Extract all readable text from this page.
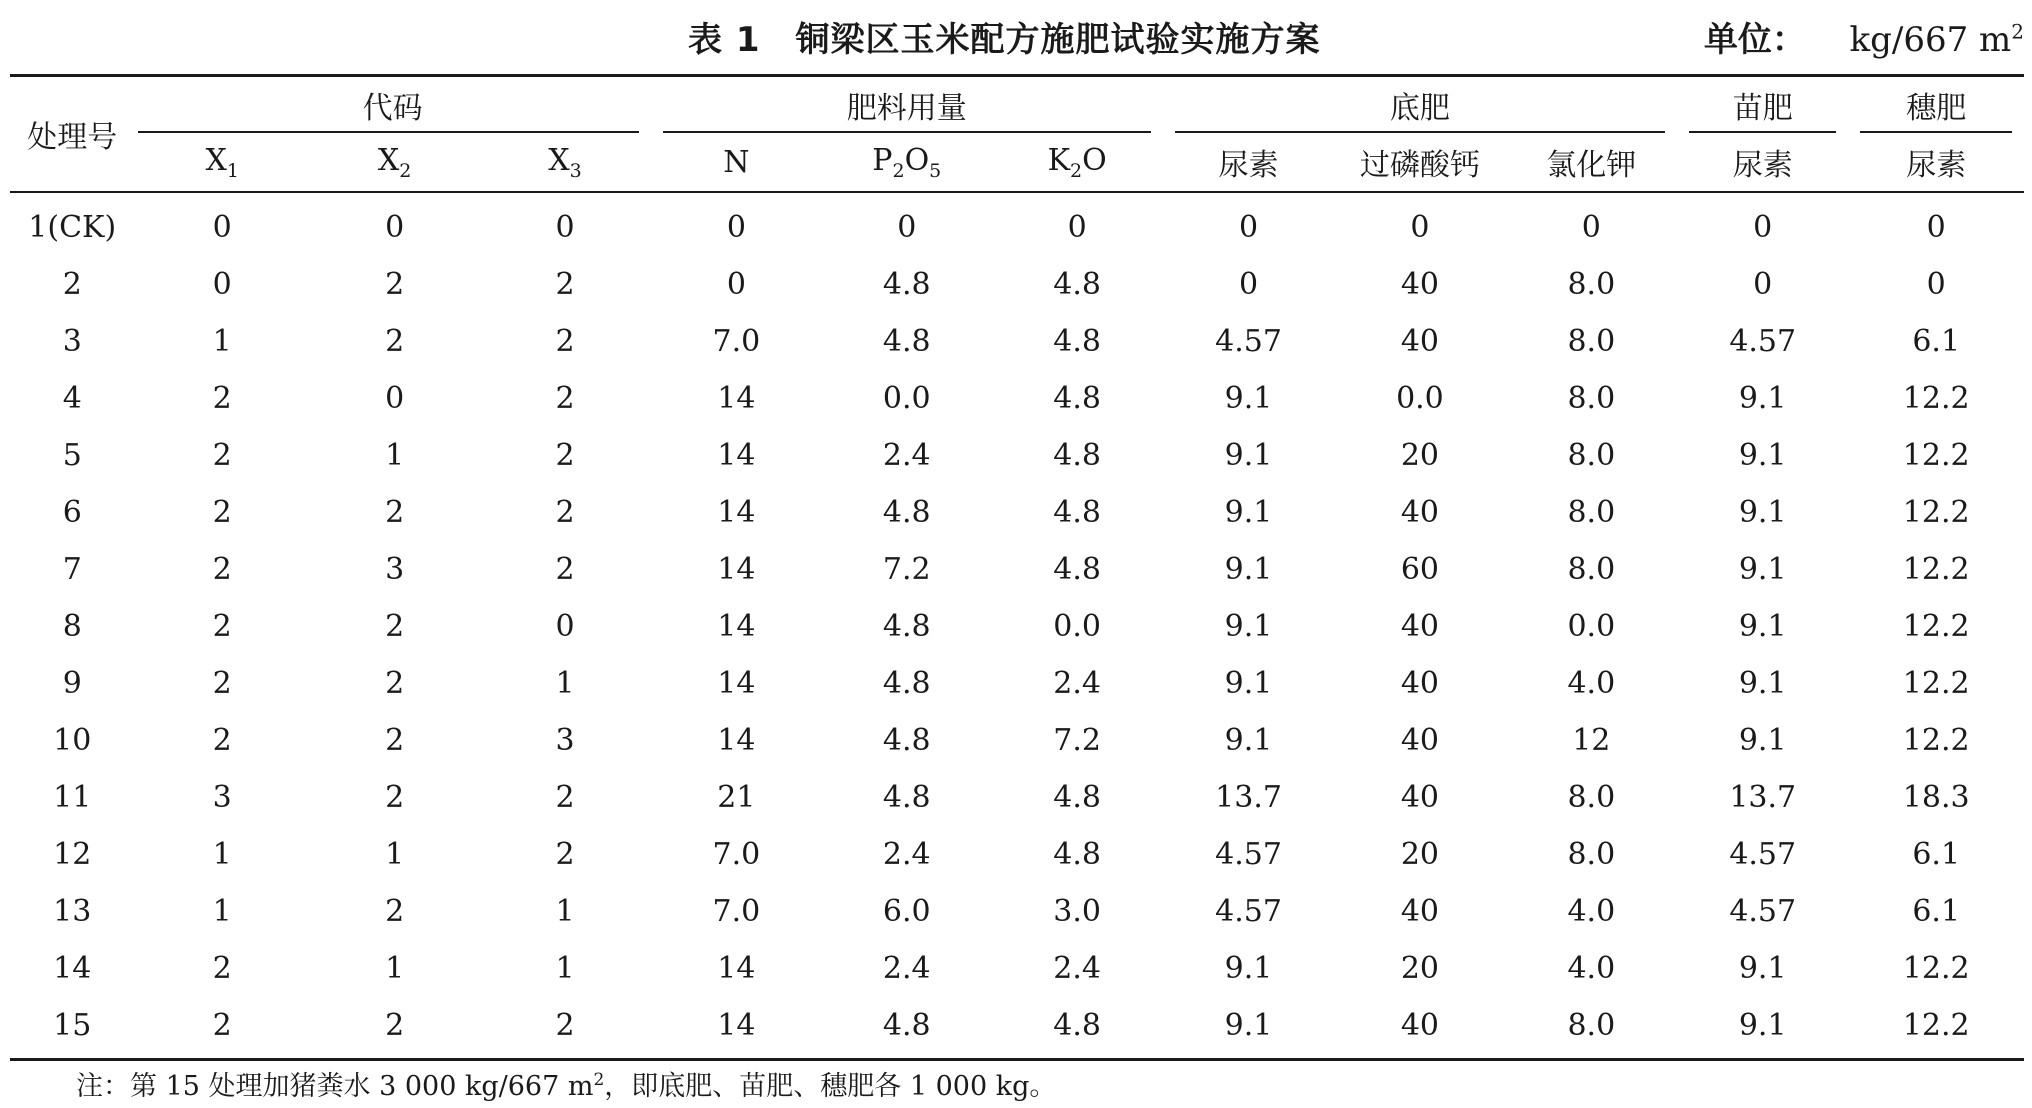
表 1　铜梁区玉米配方施肥试验实施方案	单位： kg/667 $m^2$
处理号	代码			肥料用量			底肥			苗肥	穗肥

	$X_1$	$X_2$	$X_3$	N	$P_2O_5$	$K_2O$	尿素	过磷酸钙	氯化钾	尿素	尿素
1(CK)	0	0	0	0	0	0	0	0	0	0	0
2	0	2	2	0	4.8	4.8	0	40	8.0	0	0
3	1	2	2	7.0	4.8	4.8	4.57	40	8.0	4.57	6.1
4	2	0	2	14	0.0	4.8	9.1	0.0	8.0	9.1	12.2
5	2	1	2	14	2.4	4.8	9.1	20	8.0	9.1	12.2
6	2	2	2	14	4.8	4.8	9.1	40	8.0	9.1	12.2
7	2	3	2	14	7.2	4.8	9.1	60	8.0	9.1	12.2
8	2	2	0	14	4.8	0.0	9.1	40	0.0	9.1	12.2
9	2	2	1	14	4.8	2.4	9.1	40	4.0	9.1	12.2
10	2	2	3	14	4.8	7.2	9.1	40	12	9.1	12.2
11	3	2	2	21	4.8	4.8	13.7	40	8.0	13.7	18.3
12	1	1	2	7.0	2.4	4.8	4.57	20	8.0	4.57	6.1
13	1	2	1	7.0	6.0	3.0	4.57	40	4.0	4.57	6.1
14	2	1	1	14	2.4	2.4	9.1	20	4.0	9.1	12.2
15	2	2	2	14	4.8	4.8	9.1	40	8.0	9.1	12.2
注：第 15 处理加猪粪水 3 000 kg/667 $m^2$，即底肥、苗肥、穗肥各 1 000 kg。
